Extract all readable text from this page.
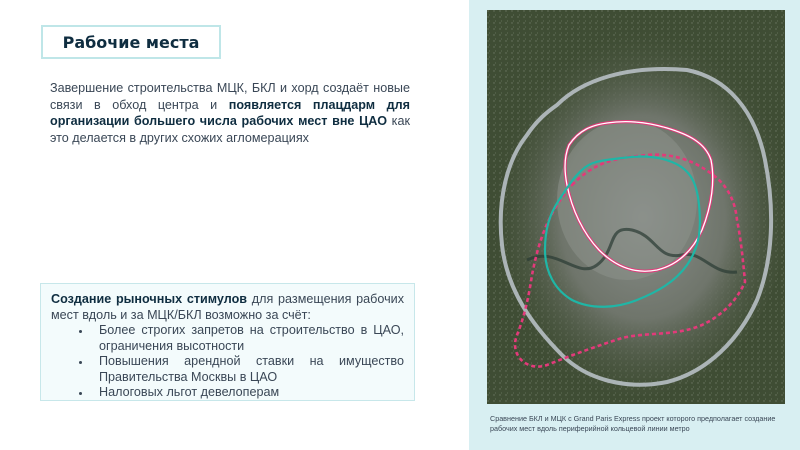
Рабочие места
Завершение строительства МЦК, БКЛ и хорд создаёт новые связи в обход центра и появляется плацдарм для организации большего числа рабочих мест вне ЦАО как это делается в других схожих агломерациях
Создание рыночных стимулов для размещения рабочих мест вдоль и за МЦК/БКЛ возможно за счёт:
• Более строгих запретов на строительство в ЦАО, ограничения высотности
• Повышения арендной ставки на имущество Правительства Москвы в ЦАО
• Налоговых льгот девелоперам
Сравнение БКЛ и МЦК с Grand Paris Express проект которого предполагает создание рабочих мест вдоль периферийной кольцевой линии метро
